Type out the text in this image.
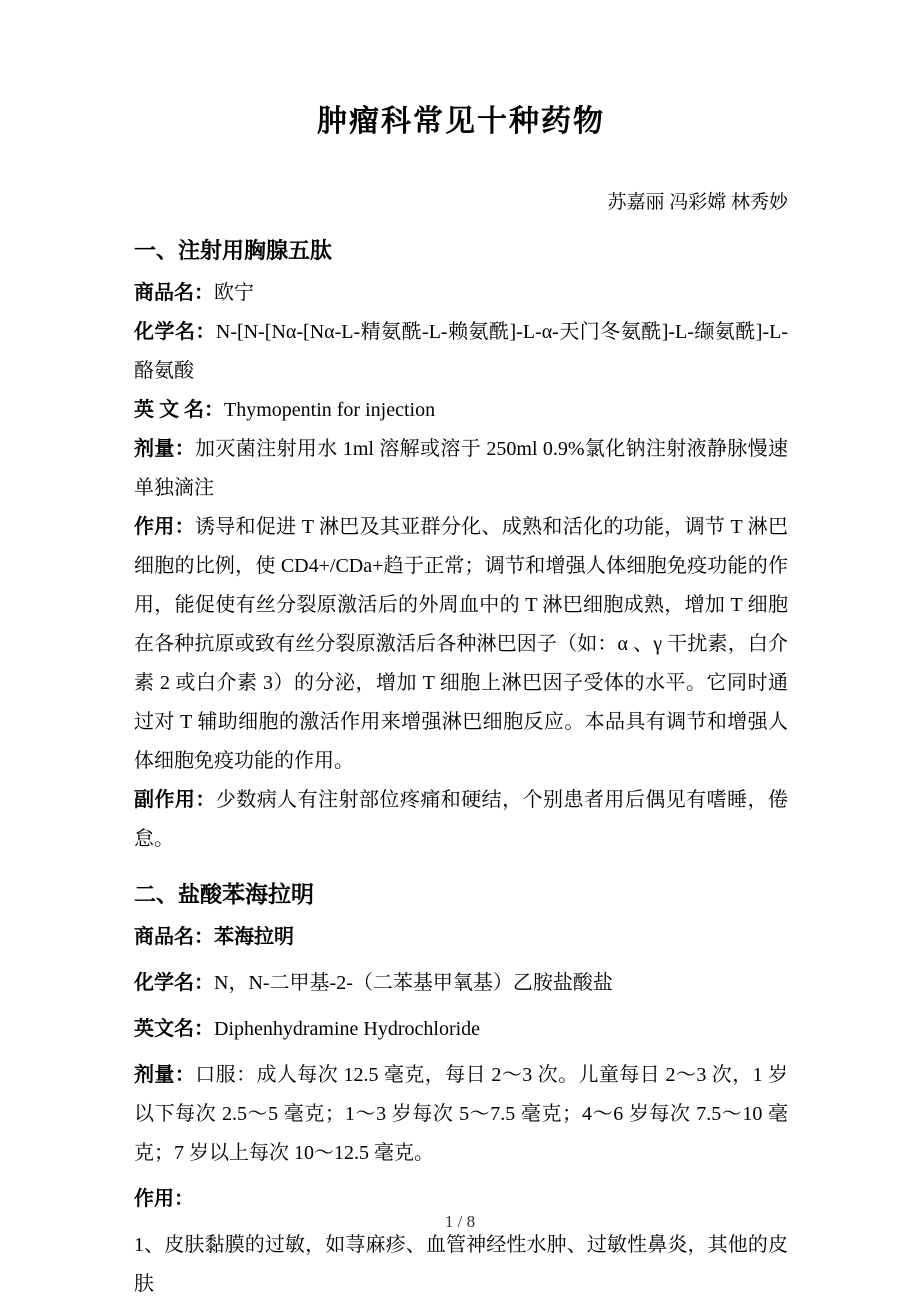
肿瘤科常见十种药物
苏嘉丽 冯彩嫦 林秀妙
一、注射用胸腺五肽

商品名：欧宁

化学名：N-[N-[Nα-[Nα-L-精氨酰-L-赖氨酰]-L-α-天门冬氨酰]-L-缬氨酰]-L-酪氨酸

英 文 名：Thymopentin for injection

剂量：加灭菌注射用水 1ml 溶解或溶于 250ml 0.9%氯化钠注射液静脉慢速单独滴注

作用：诱导和促进 T 淋巴及其亚群分化、成熟和活化的功能，调节 T 淋巴细胞的比例，使 CD4+/CDa+趋于正常；调节和增强人体细胞免疫功能的作用，能促使有丝分裂原激活后的外周血中的 T 淋巴细胞成熟，增加 T 细胞在各种抗原或致有丝分裂原激活后各种淋巴因子（如：α 、γ 干扰素，白介素 2 或白介素 3）的分泌，增加 T 细胞上淋巴因子受体的水平。它同时通过对 T 辅助细胞的激活作用来增强淋巴细胞反应。本品具有调节和增强人体细胞免疫功能的作用。

副作用：少数病人有注射部位疼痛和硬结，个别患者用后偶见有嗜睡，倦怠。

二、盐酸苯海拉明

商品名：苯海拉明

化学名：N，N-二甲基-2-（二苯基甲氧基）乙胺盐酸盐

英文名：Diphenhydramine Hydrochloride

剂量：口服：成人每次 12.5 毫克，每日 2～3 次。儿童每日 2～3 次，1 岁以下每次 2.5～5 毫克；1～3 岁每次 5～7.5 毫克；4～6 岁每次 7.5～10 毫克；7 岁以上每次 10～12.5 毫克。

作用：

1、皮肤黏膜的过敏，如荨麻疹、血管神经性水肿、过敏性鼻炎，其他的皮肤

1 / 8
